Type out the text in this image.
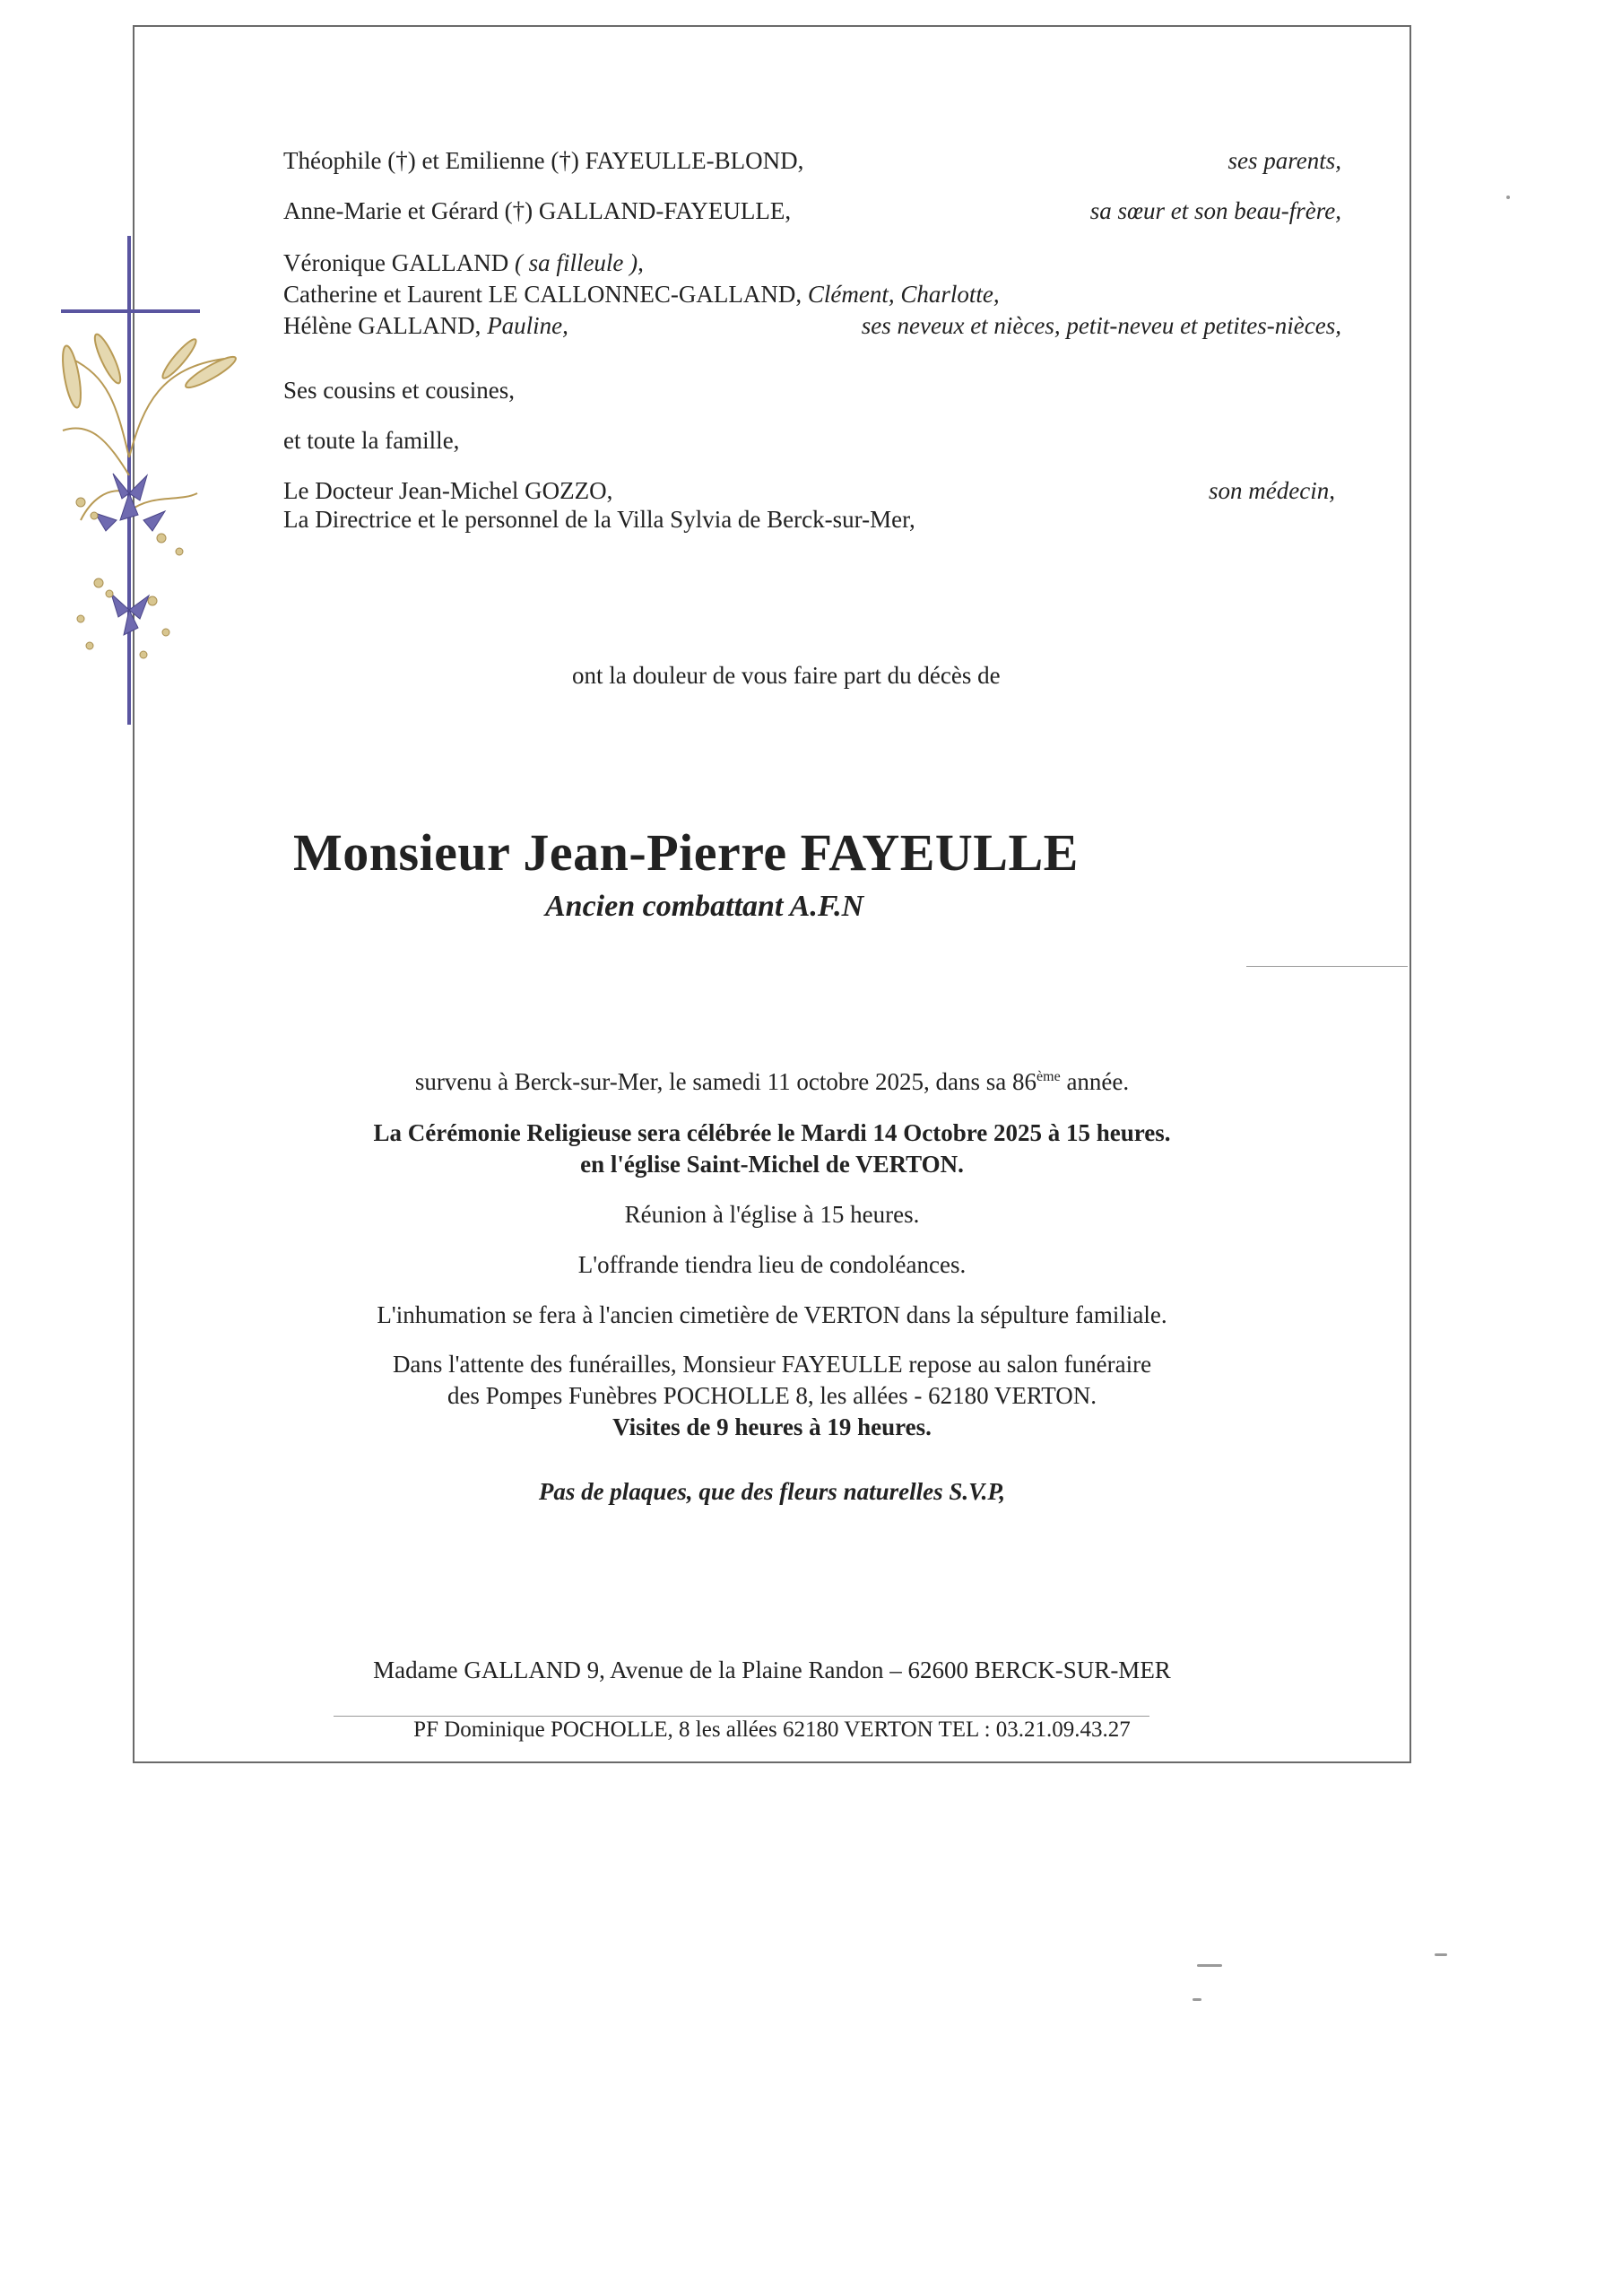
Théophile (†) et Emilienne (†) FAYEULLE-BLOND,	ses parents,
Anne-Marie et Gérard (†) GALLAND-FAYEULLE,	sa sœur et son beau-frère,
Véronique GALLAND ( sa filleule ),
Catherine et Laurent LE CALLONNEC-GALLAND, Clément, Charlotte,
Hélène GALLAND, Pauline,	ses neveux et nièces, petit-neveu et petites-nièces,
Ses cousins et cousines,
et toute la famille,
Le Docteur Jean-Michel GOZZO,	son médecin,
La Directrice et le personnel de la Villa Sylvia de Berck-sur-Mer,
ont la douleur de vous faire part du décès de
Monsieur Jean-Pierre FAYEULLE
Ancien combattant A.F.N
survenu à Berck-sur-Mer, le samedi 11 octobre 2025, dans sa 86ème année.
La Cérémonie Religieuse sera célébrée le Mardi 14 Octobre 2025 à 15 heures.
en l'église Saint-Michel de VERTON.
Réunion à l'église à 15 heures.
L'offrande tiendra lieu de condoléances.
L'inhumation se fera à l'ancien cimetière de VERTON dans la sépulture familiale.
Dans l'attente des funérailles, Monsieur FAYEULLE repose au salon funéraire
des Pompes Funèbres POCHOLLE 8, les allées - 62180 VERTON.
Visites de 9 heures à 19 heures.
Pas de plaques, que des fleurs naturelles S.V.P,
Madame GALLAND 9, Avenue de la Plaine Randon – 62600 BERCK-SUR-MER
PF Dominique POCHOLLE, 8 les allées 62180 VERTON TEL : 03.21.09.43.27
